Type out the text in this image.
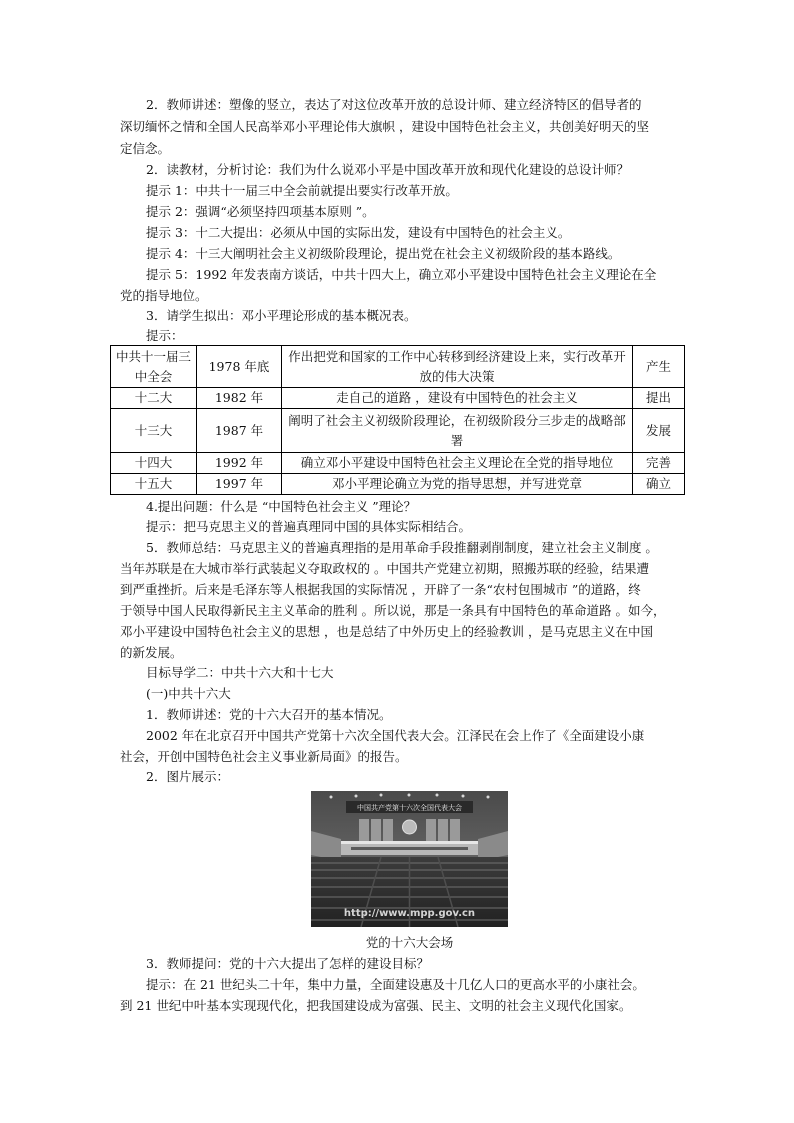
2．教师讲述：塑像的竖立，表达了对这位改革开放的总设计师、建立经济特区的倡导者的
深切缅怀之情和全国人民高举邓小平理论伟大旗帜 ，建设中国特色社会主义，共创美好明天的坚
定信念。
2．读教材，分析讨论：我们为什么说邓小平是中国改革开放和现代化建设的总设计师？
提示 1：中共十一届三中全会前就提出要实行改革开放。
提示 2：强调“必须坚持四项基本原则 ”。
提示 3：十二大提出：必须从中国的实际出发，建设有中国特色的社会主义。
提示 4：十三大阐明社会主义初级阶段理论，提出党在社会主义初级阶段的基本路线。
提示 5：1992 年发表南方谈话，中共十四大上，确立邓小平建设中国特色社会主义理论在全
党的指导地位。
3．请学生拟出：邓小平理论形成的基本概况表。
提示：
中共十一届三中全会	1978 年底	作出把党和国家的工作中心转移到经济建设上来，实行改革开放的伟大决策	产生
十二大	1982 年	走自己的道路 ，建设有中国特色的社会主义	提出
十三大	1987 年	阐明了社会主义初级阶段理论，在初级阶段分三步走的战略部署	发展
十四大	1992 年	确立邓小平建设中国特色社会主义理论在全党的指导地位	完善
十五大	1997 年	邓小平理论确立为党的指导思想，并写进党章	确立
4.提出问题：什么是 “中国特色社会主义 ”理论？
提示：把马克思主义的普遍真理同中国的具体实际相结合。
5．教师总结：马克思主义的普遍真理指的是用革命手段推翻剥削制度，建立社会主义制度 。
当年苏联是在大城市举行武装起义夺取政权的 。中国共产党建立初期，照搬苏联的经验，结果遭
到严重挫折。后来是毛泽东等人根据我国的实际情况 ，开辟了一条“农村包围城市 ”的道路，终
于领导中国人民取得新民主主义革命的胜利 。所以说，那是一条具有中国特色的革命道路 。如今，
邓小平建设中国特色社会主义的思想 ，也是总结了中外历史上的经验教训 ，是马克思主义在中国
的新发展。
目标导学二：中共十六大和十七大
(一)中共十六大
1．教师讲述：党的十六大召开的基本情况。
2002 年在北京召开中国共产党第十六次全国代表大会。江泽民在会上作了《全面建设小康
社会，开创中国特色社会主义事业新局面》的报告。
2．图片展示：
中国共产党第十六次全国代表大会
http://www.mpp.gov.cn
党的十六大会场
3．教师提问：党的十六大提出了怎样的建设目标？
提示：在 21 世纪头二十年，集中力量，全面建设惠及十几亿人口的更高水平的小康社会。
到 21 世纪中叶基本实现现代化，把我国建设成为富强、民主、文明的社会主义现代化国家。
